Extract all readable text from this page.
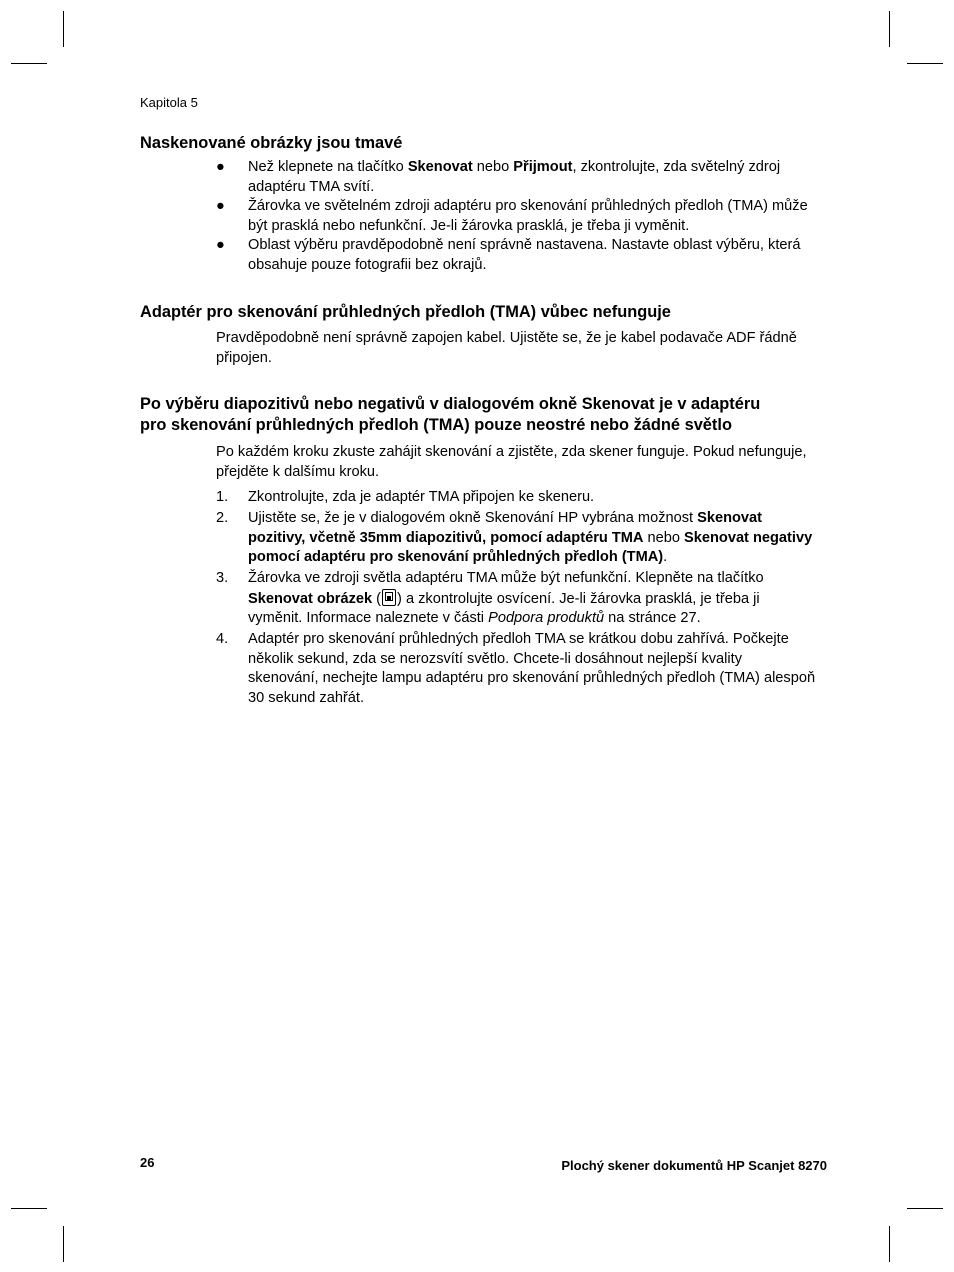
Kapitola 5
Naskenované obrázky jsou tmavé
● Než klepnete na tlačítko Skenovat nebo Přijmout, zkontrolujte, zda světelný zdroj adaptéru TMA svítí.
● Žárovka ve světelném zdroji adaptéru pro skenování průhledných předloh (TMA) může být prasklá nebo nefunkční. Je-li žárovka prasklá, je třeba ji vyměnit.
● Oblast výběru pravděpodobně není správně nastavena. Nastavte oblast výběru, která obsahuje pouze fotografii bez okrajů.
Adaptér pro skenování průhledných předloh (TMA) vůbec nefunguje

Pravděpodobně není správně zapojen kabel. Ujistěte se, že je kabel podavače ADF řádně připojen.

Po výběru diapozitivů nebo negativů v dialogovém okně Skenovat je v adaptéru
pro skenování průhledných předloh (TMA) pouze neostré nebo žádné světlo

Po každém kroku zkuste zahájit skenování a zjistěte, zda skener funguje. Pokud nefunguje, přejděte k dalšímu kroku.

1. Zkontrolujte, zda je adaptér TMA připojen ke skeneru.
2. Ujistěte se, že je v dialogovém okně Skenování HP vybrána možnost Skenovat pozitivy, včetně 35mm diapozitivů, pomocí adaptéru TMA nebo Skenovat negativy pomocí adaptéru pro skenování průhledných předloh (TMA).
3. Žárovka ve zdroji světla adaptéru TMA může být nefunkční. Klepněte na tlačítko Skenovat obrázek ( ) a zkontrolujte osvícení. Je-li žárovka prasklá, je třeba ji vyměnit. Informace naleznete v části Podpora produktů na stránce 27.
4. Adaptér pro skenování průhledných předloh TMA se krátkou dobu zahřívá. Počkejte několik sekund, zda se nerozsvítí světlo. Chcete-li dosáhnout nejlepší kvality skenování, nechejte lampu adaptéru pro skenování průhledných předloh (TMA) alespoň 30 sekund zahřát.
26	Plochý skener dokumentů HP Scanjet 8270
